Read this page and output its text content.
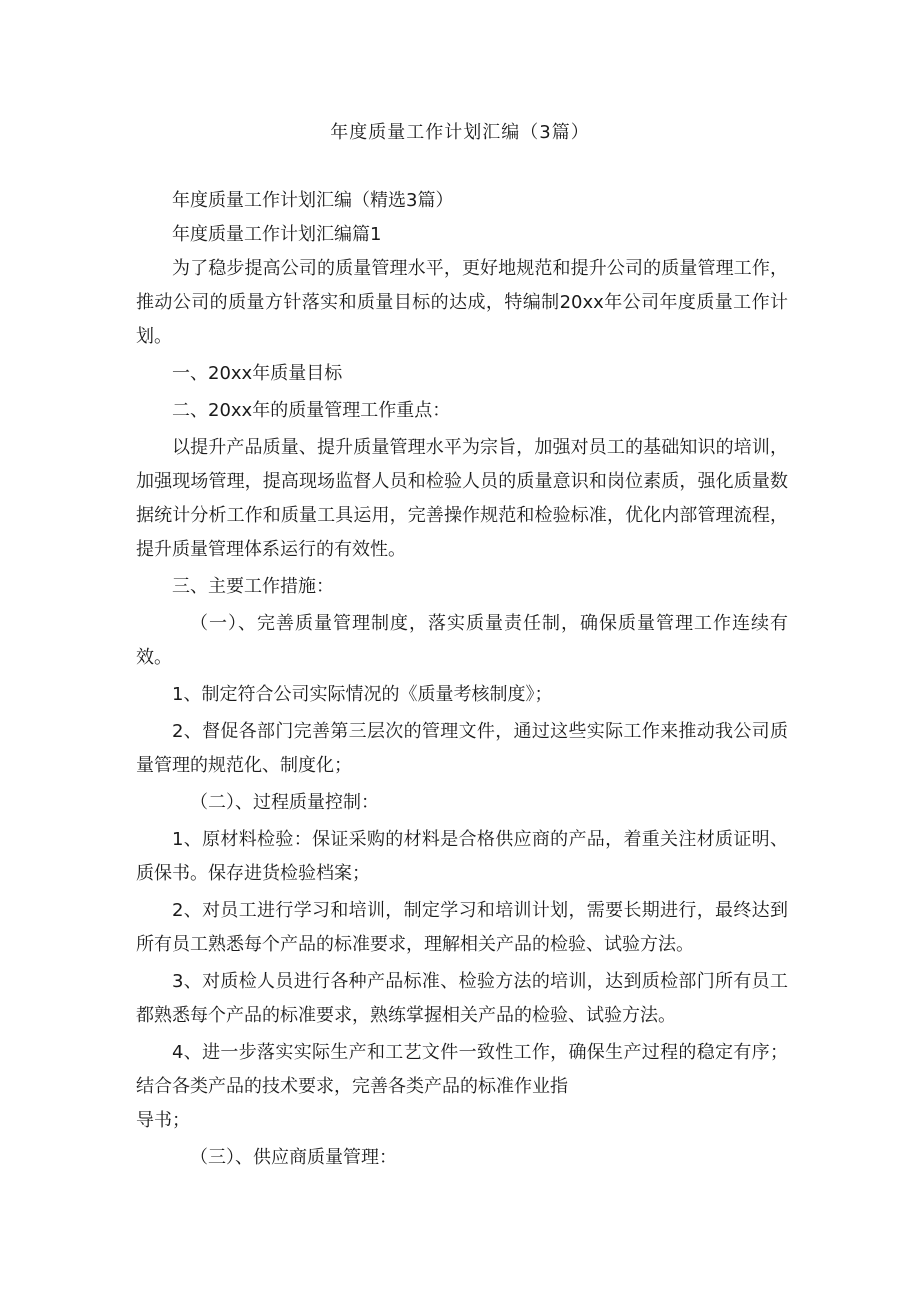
年度质量工作计划汇编（3篇）

年度质量工作计划汇编（精选3篇）

年度质量工作计划汇编篇1

为了稳步提高公司的质量管理水平，更好地规范和提升公司的质量管理工作，推动公司的质量方针落实和质量目标的达成，特编制20xx年公司年度质量工作计划。

一、20xx年质量目标

二、20xx年的质量管理工作重点：

以提升产品质量、提升质量管理水平为宗旨，加强对员工的基础知识的培训，加强现场管理，提高现场监督人员和检验人员的质量意识和岗位素质，强化质量数据统计分析工作和质量工具运用，完善操作规范和检验标准，优化内部管理流程，提升质量管理体系运行的有效性。

三、主要工作措施：

（一）、完善质量管理制度，落实质量责任制，确保质量管理工作连续有效。

1、制定符合公司实际情况的《质量考核制度》；

2、督促各部门完善第三层次的管理文件，通过这些实际工作来推动我公司质量管理的规范化、制度化；

（二）、过程质量控制：

1、原材料检验：保证采购的材料是合格供应商的产品，着重关注材质证明、质保书。保存进货检验档案；

2、对员工进行学习和培训，制定学习和培训计划，需要长期进行，最终达到所有员工熟悉每个产品的标准要求，理解相关产品的检验、试验方法。

3、对质检人员进行各种产品标准、检验方法的培训，达到质检部门所有员工都熟悉每个产品的标准要求，熟练掌握相关产品的检验、试验方法。

4、进一步落实实际生产和工艺文件一致性工作，确保生产过程的稳定有序；结合各类产品的技术要求，完善各类产品的标准作业指

导书；

（三）、供应商质量管理：
